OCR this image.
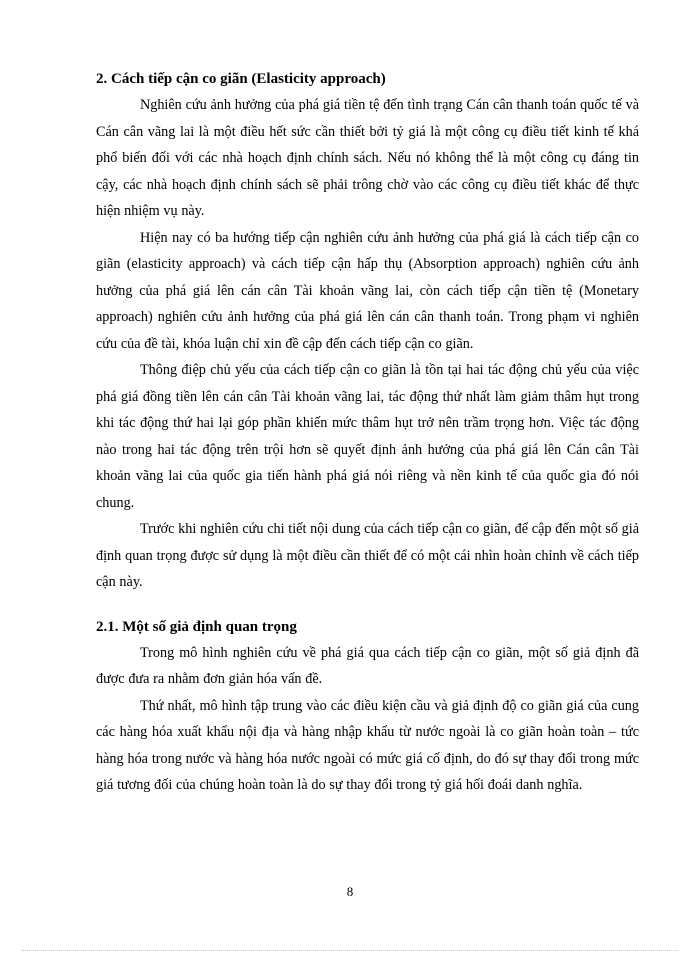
2. Cách tiếp cận co giãn (Elasticity approach)

Nghiên cứu ảnh hưởng của phá giá tiền tệ đến tình trạng Cán cân thanh toán quốc tế và Cán cân vãng lai là một điều hết sức cần thiết bởi tỷ giá là một công cụ điều tiết kinh tế khá phổ biến đối với các nhà hoạch định chính sách. Nếu nó không thể là một công cụ đáng tin cậy, các nhà hoạch định chính sách sẽ phải trông chờ vào các công cụ điều tiết khác để thực hiện nhiệm vụ này.

Hiện nay có ba hướng tiếp cận nghiên cứu ảnh hưởng của phá giá là cách tiếp cận co giãn (elasticity approach) và cách tiếp cận hấp thụ (Absorption approach) nghiên cứu ảnh hưởng của phá giá lên cán cân Tài khoản vãng lai, còn cách tiếp cận tiền tệ (Monetary approach) nghiên cứu ảnh hưởng của phá giá lên cán cân thanh toán. Trong phạm vi nghiên cứu của đề tài, khóa luận chỉ xin đề cập đến cách tiếp cận co giãn.

Thông điệp chủ yếu của cách tiếp cận co giãn là tồn tại hai tác động chủ yếu của việc phá giá đồng tiền lên cán cân Tài khoản vãng lai, tác động thứ nhất làm giảm thâm hụt trong khi tác động thứ hai lại góp phần khiến mức thâm hụt trở nên trầm trọng hơn. Việc tác động nào trong hai tác động trên trội hơn sẽ quyết định ảnh hưởng của phá giá lên Cán cân Tài khoản vãng lai của quốc gia tiến hành phá giá nói riêng và nền kinh tế của quốc gia đó nói chung.

Trước khi nghiên cứu chi tiết nội dung của cách tiếp cận co giãn, để cập đến một số giả định quan trọng được sử dụng là một điều cần thiết để có một cái nhìn hoàn chỉnh về cách tiếp cận này.

2.1. Một số giả định quan trọng

Trong mô hình nghiên cứu về phá giá qua cách tiếp cận co giãn, một số giả định đã được đưa ra nhằm đơn giản hóa vấn đề.

Thứ nhất, mô hình tập trung vào các điều kiện cầu và giả định độ co giãn giá của cung các hàng hóa xuất khẩu nội địa và hàng nhập khẩu từ nước ngoài là co giãn hoàn toàn – tức hàng hóa trong nước và hàng hóa nước ngoài có mức giá cố định, do đó sự thay đổi trong mức giá tương đối của chúng hoàn toàn là do sự thay đổi trong tỷ giá hối đoái danh nghĩa.

8
